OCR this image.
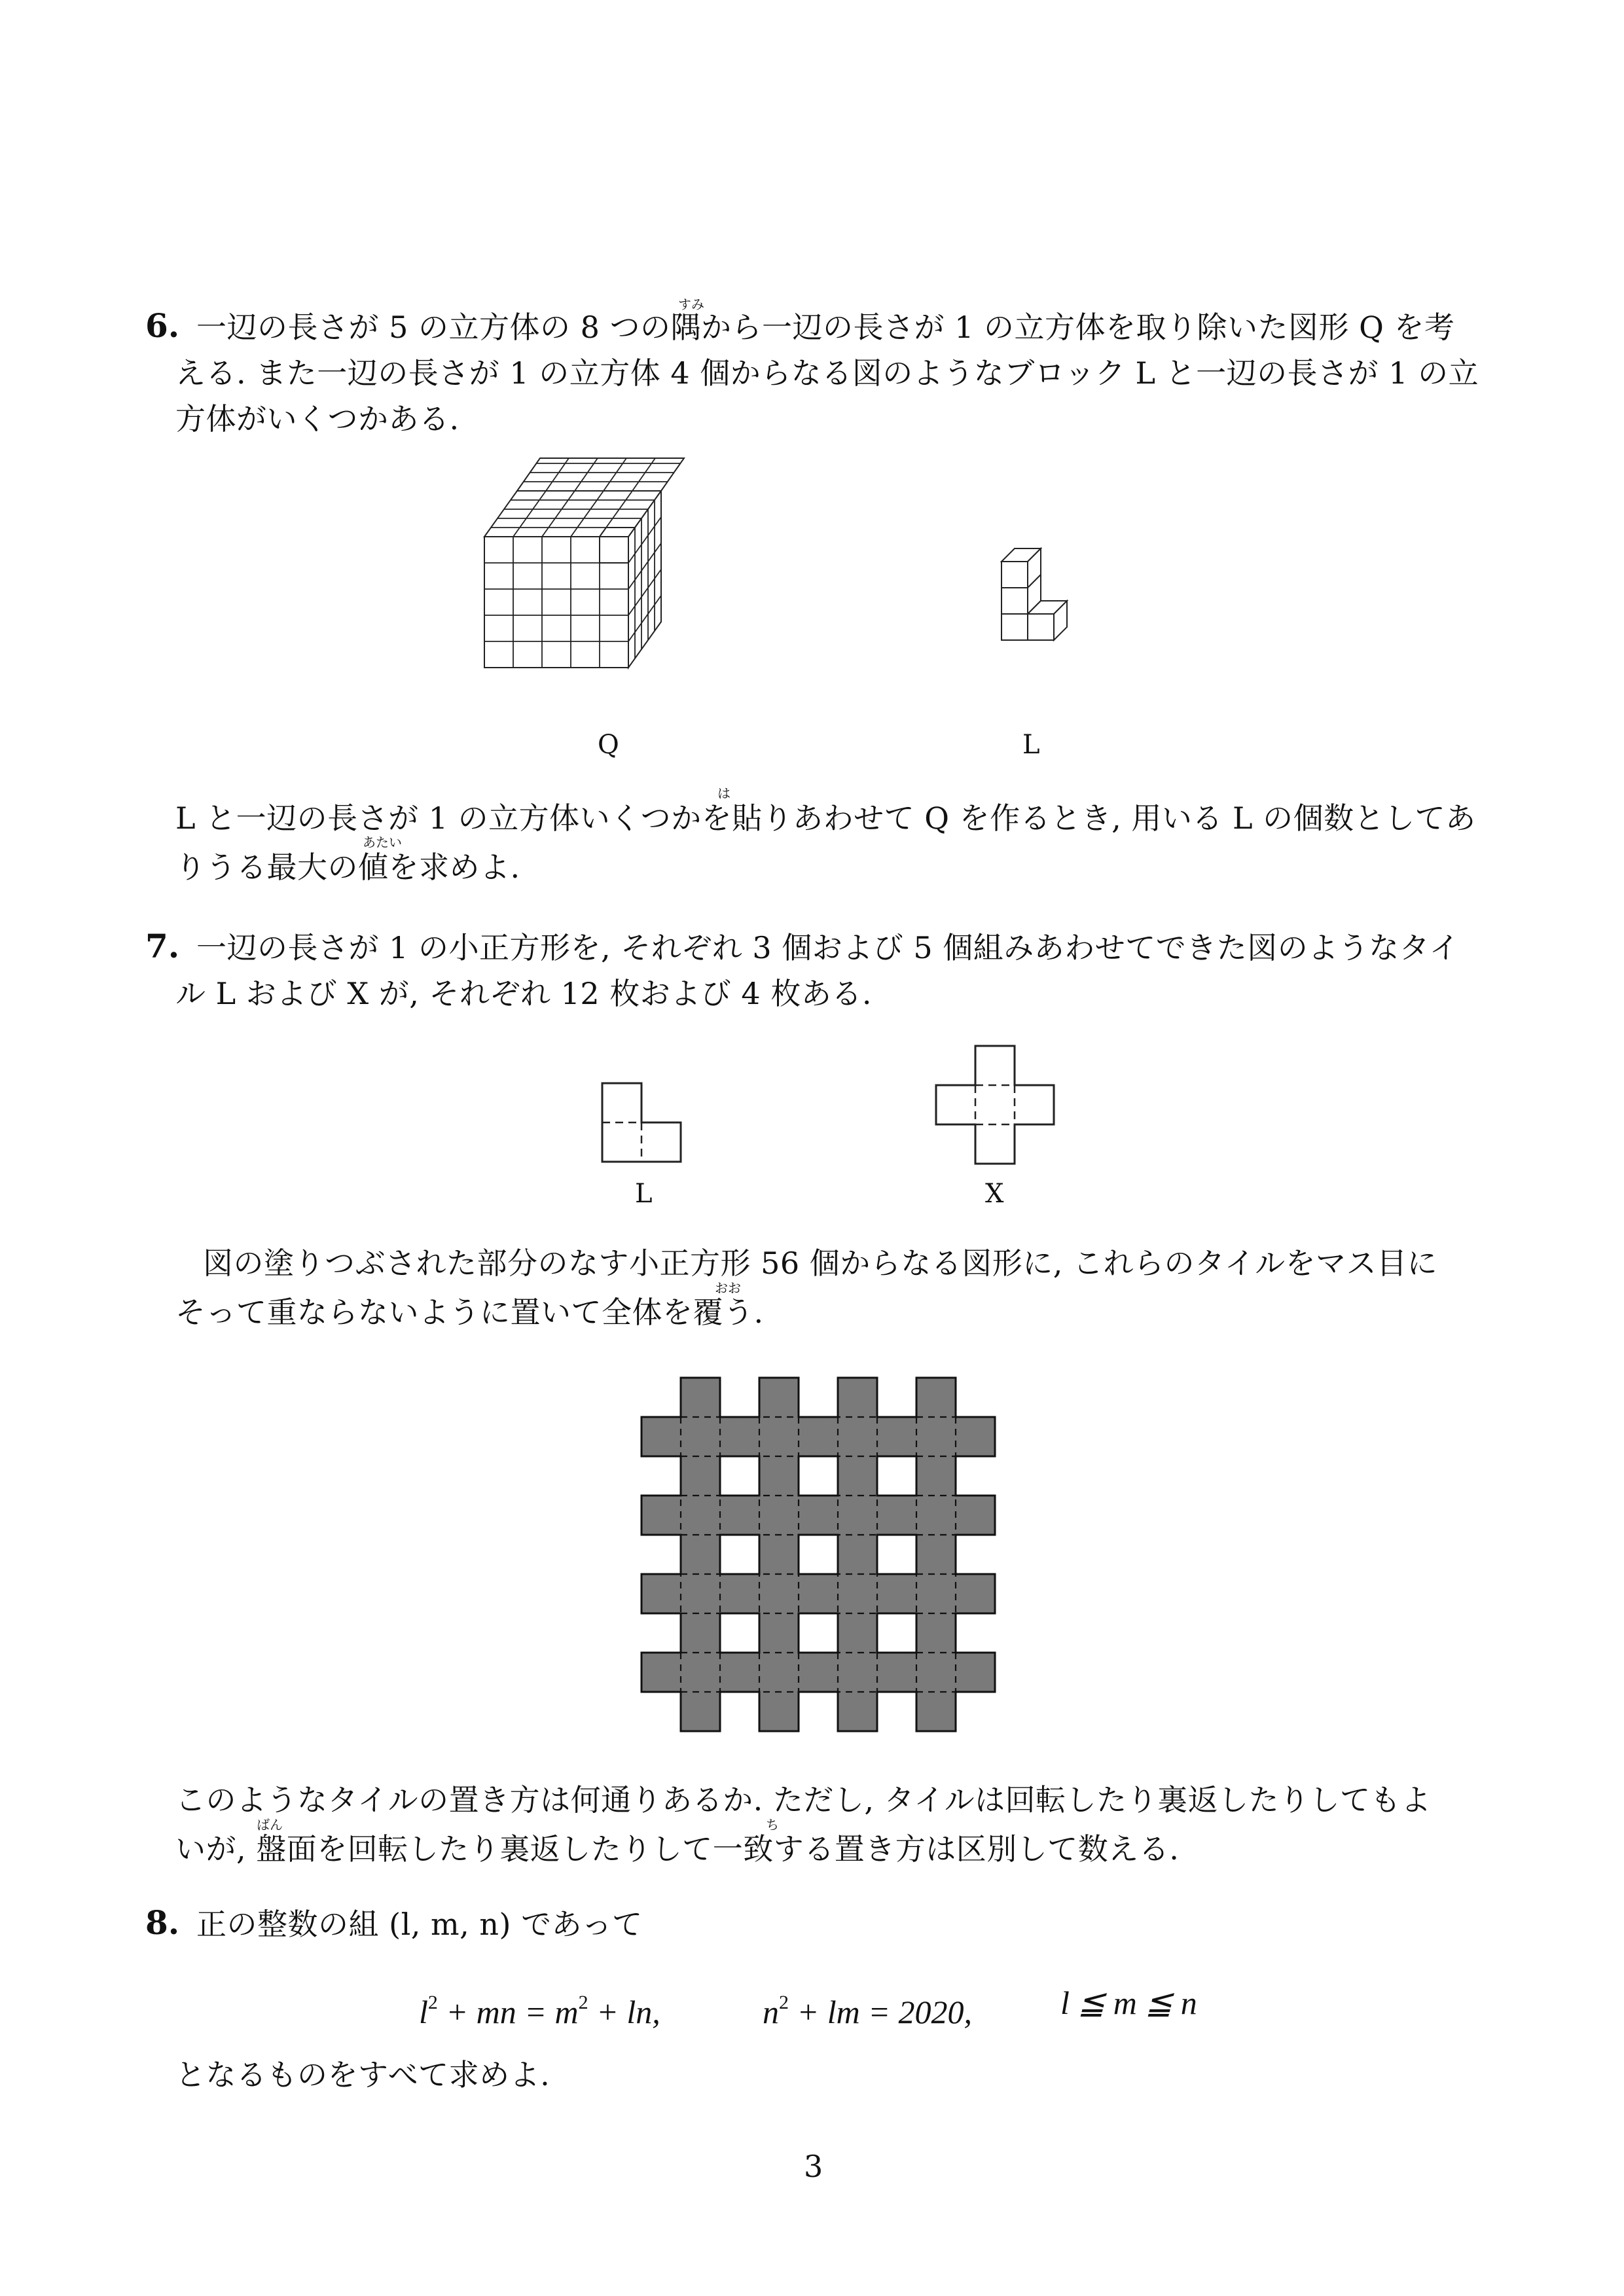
6.
すみ
一辺の長さが 5 の立方体の 8 つの隅から一辺の長さが 1 の立方体を取り除いた図形 Q を考
える. また一辺の長さが 1 の立方体 4 個からなる図のようなブロック L と一辺の長さが 1 の立
方体がいくつかある.
Q	L
は
L と一辺の長さが 1 の立方体いくつかを貼りあわせて Q を作るとき, 用いる L の個数としてあ
あたい
りうる最大の値を求めよ.
7. 一辺の長さが 1 の小正方形を, それぞれ 3 個および 5 個組みあわせてできた図のようなタイ
ル L および X が, それぞれ 12 枚および 4 枚ある.
L	X
図の塗りつぶされた部分のなす小正方形 56 個からなる図形に, これらのタイルをマス目に
おお
そって重ならないように置いて全体を覆う.
このようなタイルの置き方は何通りあるか. ただし, タイルは回転したり裏返したりしてもよ
ばん	ち
いが, 盤面を回転したり裏返したりして一致する置き方は区別して数える.
8. 正の整数の組 (l, m, n) であって
$l^2$ + mn = $m^2 + \ln$,	$n^2$ + lm = 2020,	l ≦ m ≦ n
となるものをすべて求めよ.
3
